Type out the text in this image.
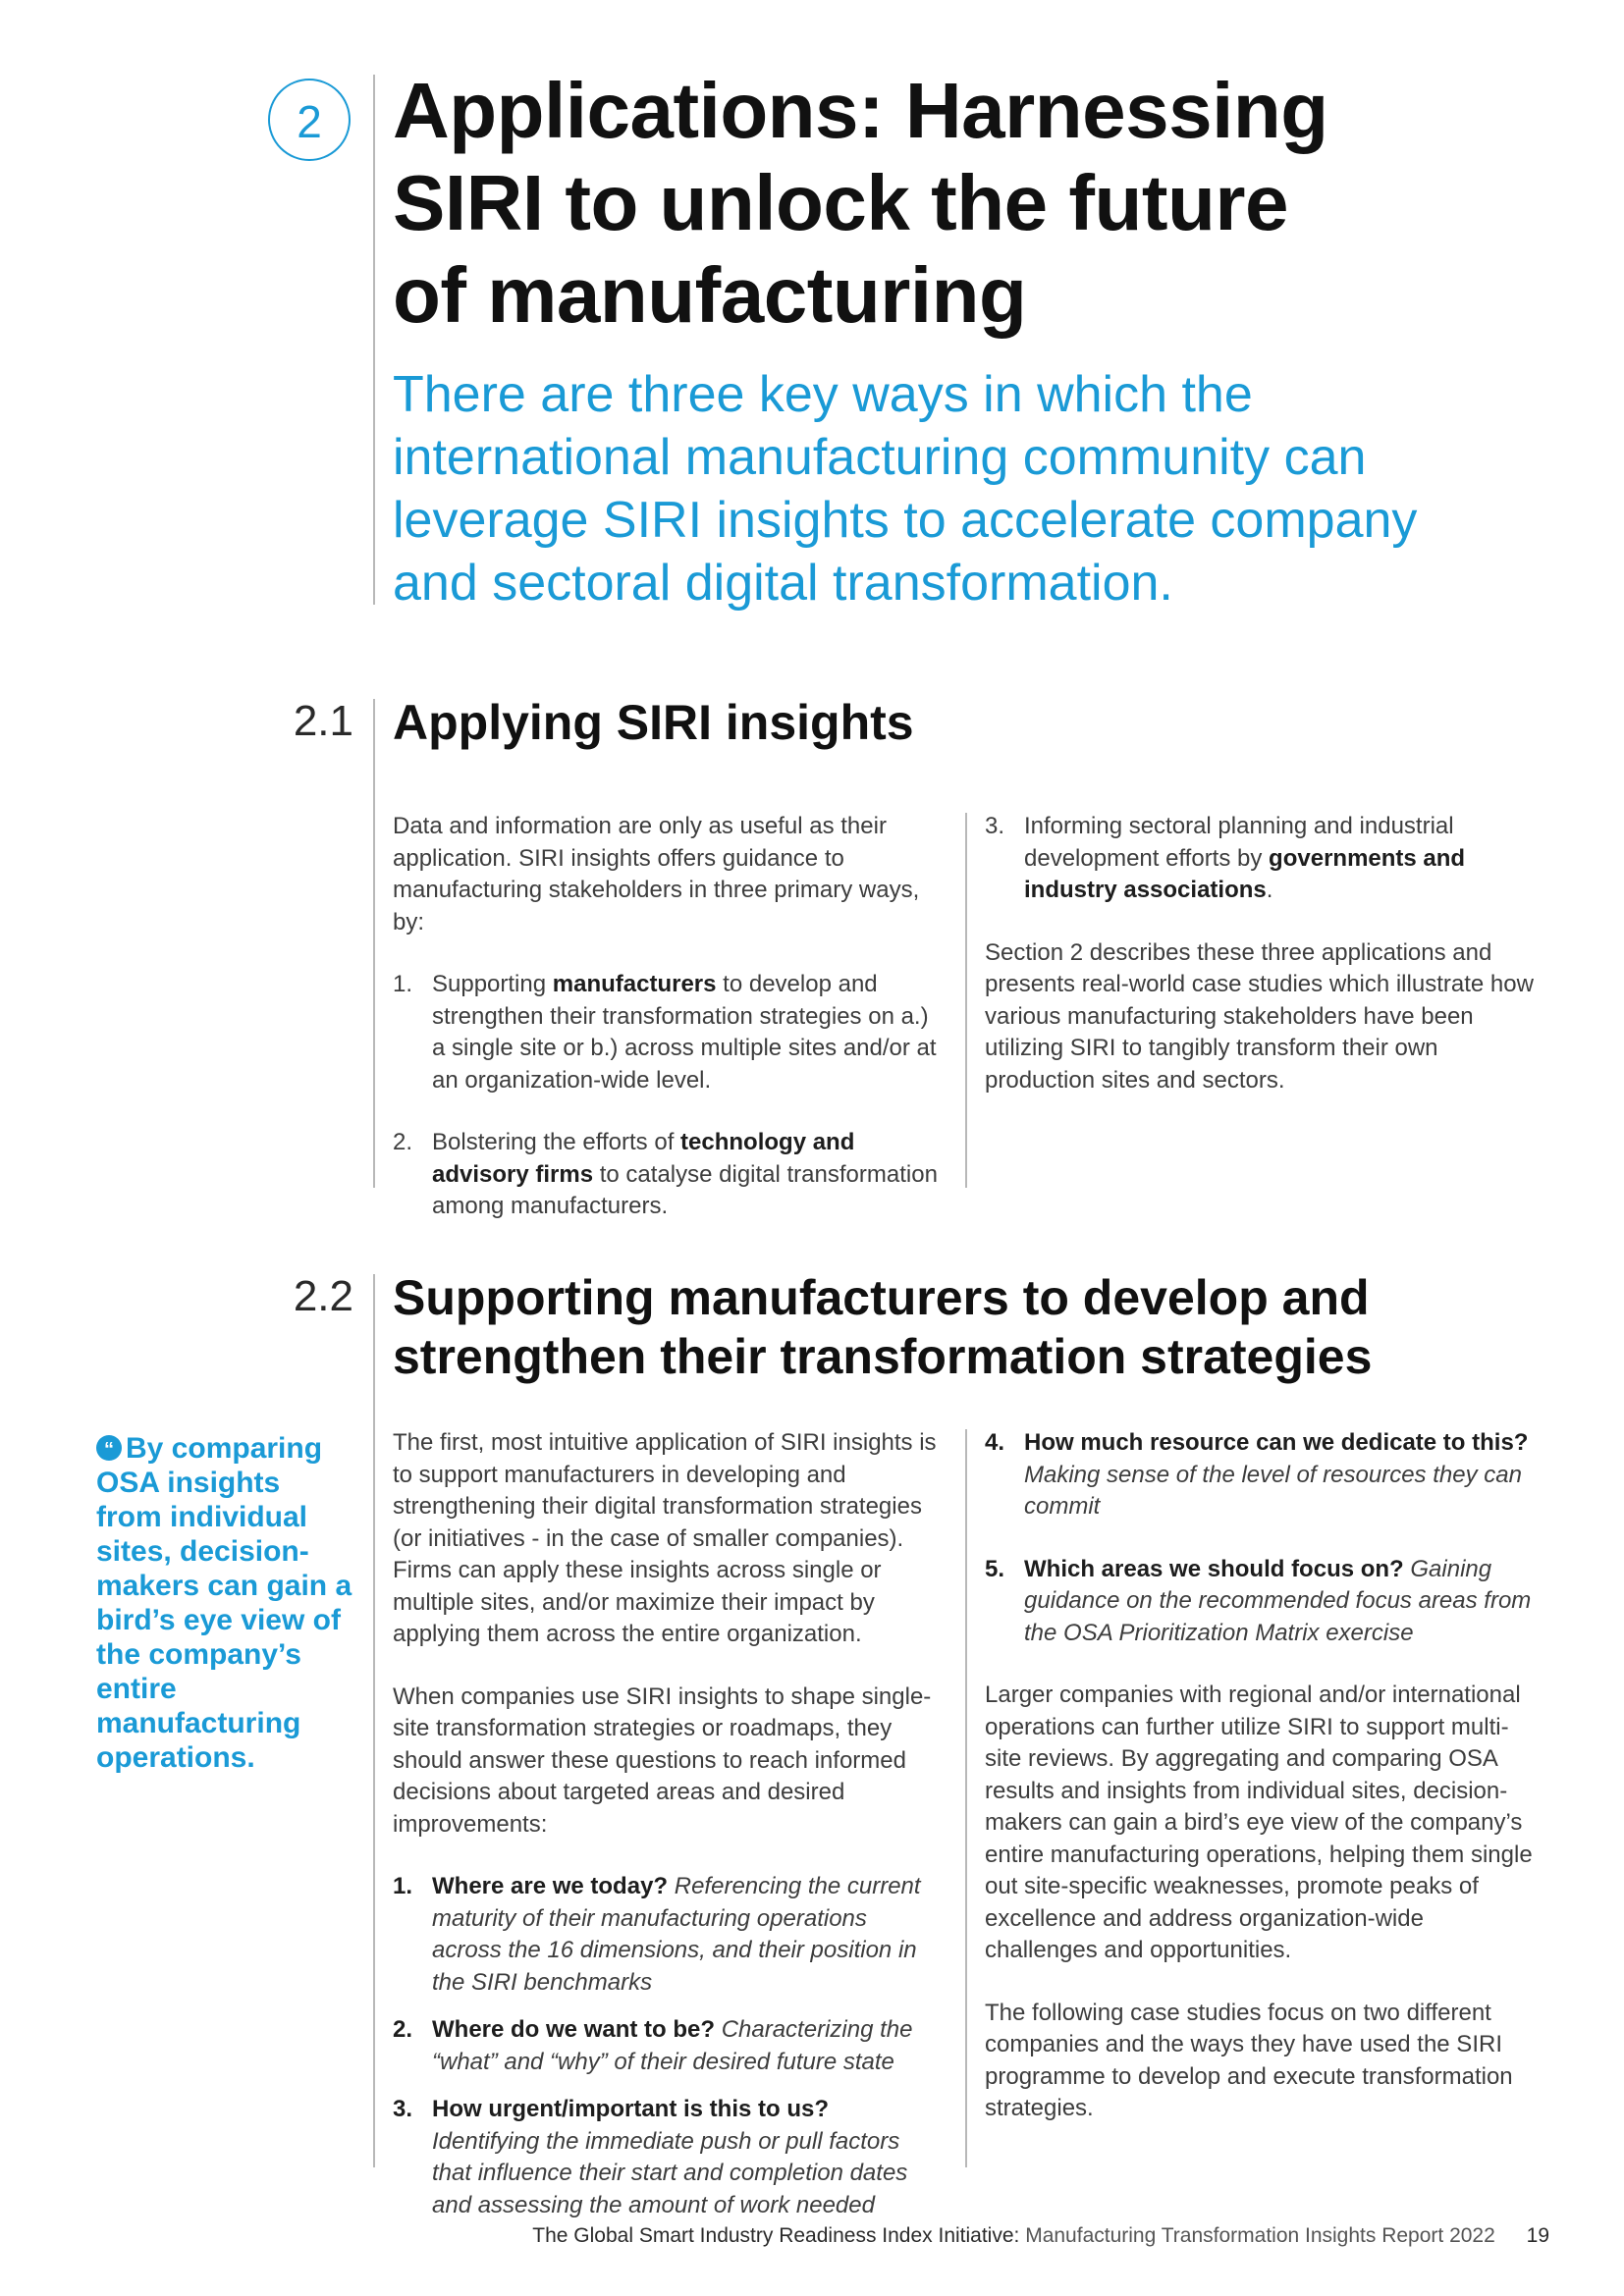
2 Applications: Harnessing
SIRI to unlock the future
of manufacturing
There are three key ways in which the
international manufacturing community can
leverage SIRI insights to accelerate company
and sectoral digital transformation.
2.1 Applying SIRI insights

Data and information are only as useful as their application. SIRI insights offers guidance to manufacturing stakeholders in three primary ways, by:

1. Supporting manufacturers to develop and strengthen their transformation strategies on a.) a single site or b.) across multiple sites and/or at an organization-wide level.
2. Bolstering the efforts of technology and advisory firms to catalyse digital transformation among manufacturers.
3. Informing sectoral planning and industrial development efforts by governments and industry associations.

Section 2 describes these three applications and presents real-world case studies which illustrate how various manufacturing stakeholders have been utilizing SIRI to tangibly transform their own production sites and sectors.

2.2 Supporting manufacturers to develop and
strengthen their transformation strategies
“ By comparing OSA insights from individual sites, decision-makers can gain a bird’s eye view of the company’s entire manufacturing operations.

The first, most intuitive application of SIRI insights is to support manufacturers in developing and strengthening their digital transformation strategies (or initiatives - in the case of smaller companies). Firms can apply these insights across single or multiple sites, and/or maximize their impact by applying them across the entire organization.

When companies use SIRI insights to shape single-site transformation strategies or roadmaps, they should answer these questions to reach informed decisions about targeted areas and desired improvements:

1. Where are we today? Referencing the current maturity of their manufacturing operations across the 16 dimensions, and their position in the SIRI benchmarks
2. Where do we want to be? Characterizing the “what” and “why” of their desired future state
3. How urgent/important is this to us? Identifying the immediate push or pull factors that influence their start and completion dates and assessing the amount of work needed
4. How much resource can we dedicate to this? Making sense of the level of resources they can commit
5. Which areas we should focus on? Gaining guidance on the recommended focus areas from the OSA Prioritization Matrix exercise

Larger companies with regional and/or international operations can further utilize SIRI to support multi-site reviews. By aggregating and comparing OSA results and insights from individual sites, decision-makers can gain a bird’s eye view of the company’s entire manufacturing operations, helping them single out site-specific weaknesses, promote peaks of excellence and address organization-wide challenges and opportunities.

The following case studies focus on two different companies and the ways they have used the SIRI programme to develop and execute transformation strategies.

The Global Smart Industry Readiness Index Initiative: Manufacturing Transformation Insights Report 2022 19
